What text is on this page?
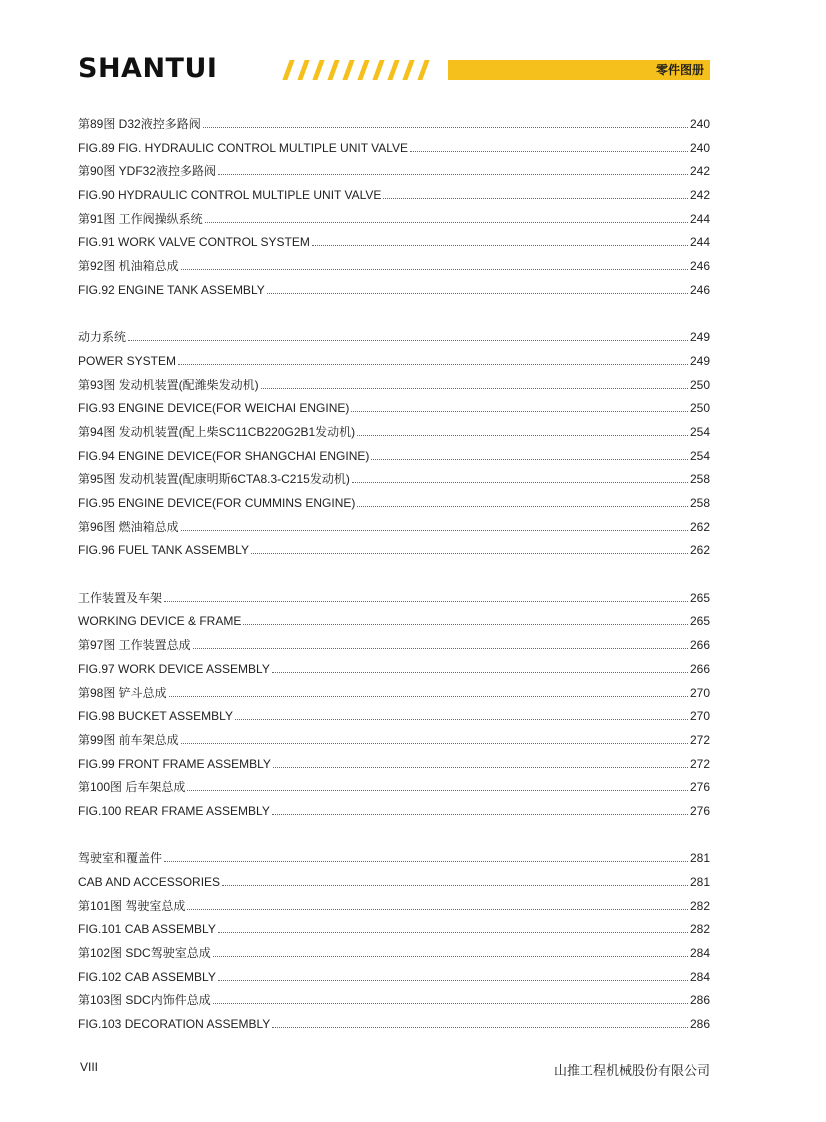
SHANTUI	零件图册
第89图 D32液控多路阀	240
FIG.89 FIG. HYDRAULIC CONTROL MULTIPLE UNIT VALVE	240
第90图 YDF32液控多路阀	242
FIG.90 HYDRAULIC CONTROL MULTIPLE UNIT VALVE	242
第91图 工作阀操纵系统	244
FIG.91 WORK VALVE CONTROL SYSTEM	244
第92图 机油箱总成	246
FIG.92 ENGINE TANK ASSEMBLY	246
动力系统	249
POWER SYSTEM	249
第93图 发动机装置(配潍柴发动机)	250
FIG.93 ENGINE DEVICE(FOR WEICHAI ENGINE)	250
第94图 发动机装置(配上柴SC11CB220G2B1发动机)	254
FIG.94 ENGINE DEVICE(FOR SHANGCHAI ENGINE)	254
第95图 发动机装置(配康明斯6CTA8.3-C215发动机)	258
FIG.95 ENGINE DEVICE(FOR CUMMINS ENGINE)	258
第96图 燃油箱总成	262
FIG.96 FUEL TANK ASSEMBLY	262
工作装置及车架	265
WORKING DEVICE & FRAME	265
第97图 工作装置总成	266
FIG.97 WORK DEVICE ASSEMBLY	266
第98图 铲斗总成	270
FIG.98 BUCKET ASSEMBLY	270
第99图 前车架总成	272
FIG.99 FRONT FRAME ASSEMBLY	272
第100图 后车架总成	276
FIG.100 REAR FRAME ASSEMBLY	276
驾驶室和覆盖件	281
CAB AND ACCESSORIES	281
第101图 驾驶室总成	282
FIG.101 CAB ASSEMBLY	282
第102图 SDC驾驶室总成	284
FIG.102 CAB ASSEMBLY	284
第103图 SDC内饰件总成	286
FIG.103 DECORATION ASSEMBLY	286
VIII	山推工程机械股份有限公司
